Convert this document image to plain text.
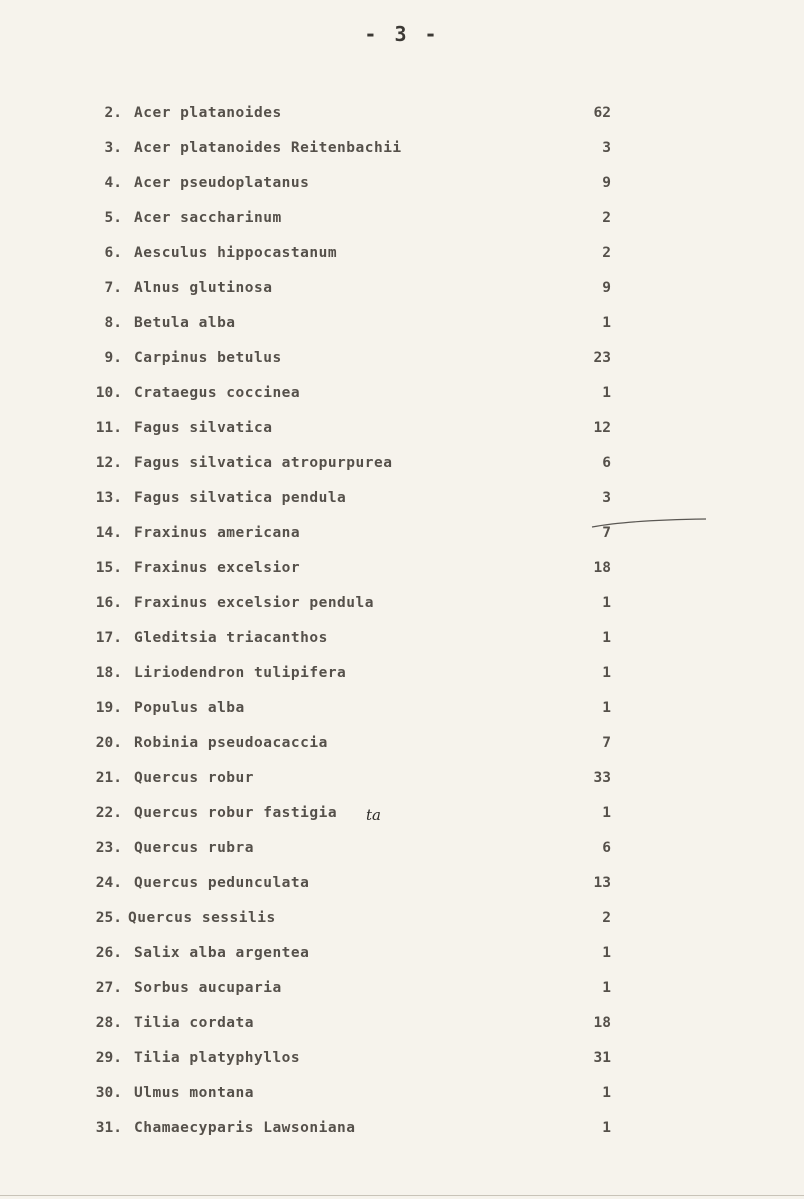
- 3 -
2. Acer platanoides	62
3. Acer platanoides Reitenbachii	3
4. Acer pseudoplatanus	9
5. Acer saccharinum	2
6. Aesculus hippocastanum	2
7. Alnus glutinosa	9
8. Betula alba	1
9. Carpinus betulus	23
10. Crataegus coccinea	1
11. Fagus silvatica	12
12. Fagus silvatica atropurpurea	6
13. Fagus silvatica pendula	3
14. Fraxinus americana	7
15. Fraxinus excelsior	18
16. Fraxinus excelsior pendula	1
17. Gleditsia triacanthos	1
18. Liriodendron tulipifera	1
19. Populus alba	1
20. Robinia pseudoacaccia	7
21. Quercus robur	33
22. Quercus robur fastigia	1
23. Quercus rubra	6
24. Quercus pedunculata	13
25. Quercus sessilis	2
26. Salix alba argentea	1
27. Sorbus aucuparia	1
28. Tilia cordata	18
29. Tilia platyphyllos	31
30. Ulmus montana	1
31. Chamaecyparis Lawsoniana	1
ta
